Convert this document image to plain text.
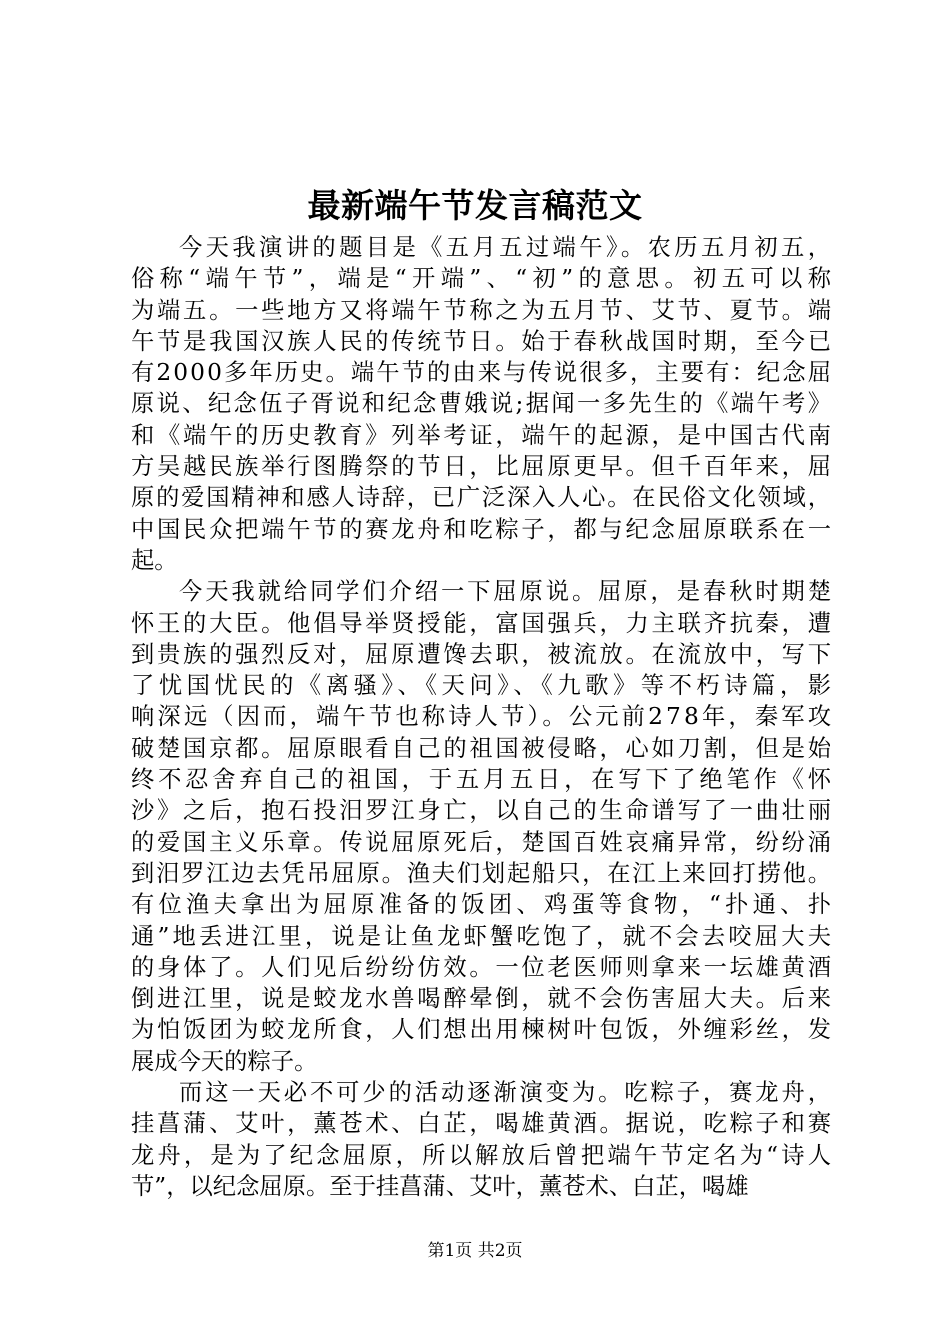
最新端午节发言稿范文
今天我演讲的题目是《五月五过端午》。农历五月初五，
俗称“端午节”，端是“开端”、“初”的意思。初五可以称
为端五。一些地方又将端午节称之为五月节、艾节、夏节。端
午节是我国汉族人民的传统节日。始于春秋战国时期，至今已
有2000多年历史。端午节的由来与传说很多，主要有：纪念屈
原说、纪念伍子胥说和纪念曹娥说;据闻一多先生的《端午考》
和《端午的历史教育》列举考证，端午的起源，是中国古代南
方吴越民族举行图腾祭的节日，比屈原更早。但千百年来，屈
原的爱国精神和感人诗辞，已广泛深入人心。在民俗文化领域，
中国民众把端午节的赛龙舟和吃粽子，都与纪念屈原联系在一
起。
今天我就给同学们介绍一下屈原说。屈原，是春秋时期楚
怀王的大臣。他倡导举贤授能，富国强兵，力主联齐抗秦，遭
到贵族的强烈反对，屈原遭馋去职，被流放。在流放中，写下
了忧国忧民的《离骚》、《天问》、《九歌》等不朽诗篇，影
响深远（因而，端午节也称诗人节）。公元前278年，秦军攻
破楚国京都。屈原眼看自己的祖国被侵略，心如刀割，但是始
终不忍舍弃自己的祖国，于五月五日，在写下了绝笔作《怀
沙》之后，抱石投汨罗江身亡，以自己的生命谱写了一曲壮丽
的爱国主义乐章。传说屈原死后，楚国百姓哀痛异常，纷纷涌
到汨罗江边去凭吊屈原。渔夫们划起船只，在江上来回打捞他。
有位渔夫拿出为屈原准备的饭团、鸡蛋等食物，“扑通、扑
通”地丢进江里，说是让鱼龙虾蟹吃饱了，就不会去咬屈大夫
的身体了。人们见后纷纷仿效。一位老医师则拿来一坛雄黄酒
倒进江里，说是蛟龙水兽喝醉晕倒，就不会伤害屈大夫。后来
为怕饭团为蛟龙所食，人们想出用楝树叶包饭，外缠彩丝，发
展成今天的粽子。
而这一天必不可少的活动逐渐演变为。吃粽子，赛龙舟，
挂菖蒲、艾叶，薰苍术、白芷，喝雄黄酒。据说，吃粽子和赛
龙舟，是为了纪念屈原，所以解放后曾把端午节定名为“诗人
节”，以纪念屈原。至于挂菖蒲、艾叶，薰苍术、白芷，喝雄
第1页 共2页
